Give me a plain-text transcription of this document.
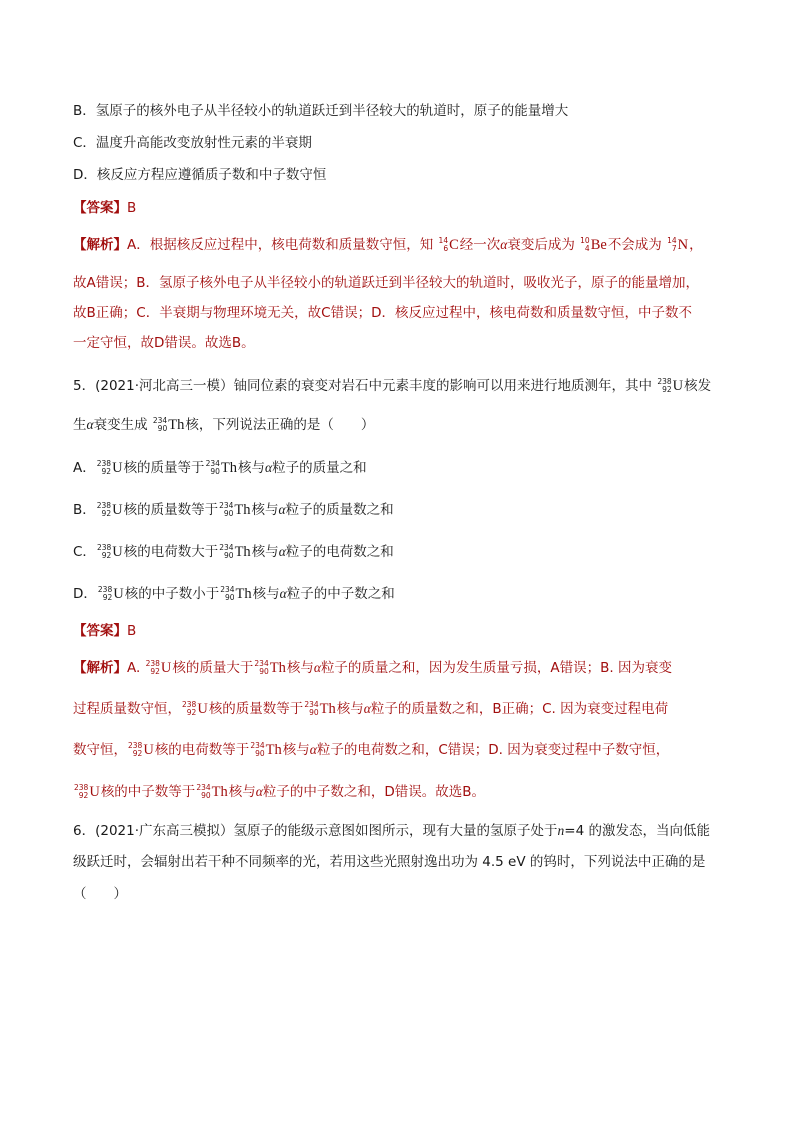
B．氢原子的核外电子从半径较小的轨道跃迁到半径较大的轨道时，原子的能量增大
C．温度升高能改变放射性元素的半衰期
D．核反应方程应遵循质子数和中子数守恒
【答案】B
【解析】A．根据核反应过程中，核电荷数和质量数守恒，知 14
6 C 经一次α衰变后成为 10
4 Be 不会成为 14
7 N ，
故A错误；B．氢原子核外电子从半径较小的轨道跃迁到半径较大的轨道时，吸收光子，原子的能量增加，
故B正确；C．半衰期与物理环境无关，故C错误；D．核反应过程中，核电荷数和质量数守恒，中子数不
一定守恒，故D错误。故选B。
5．(2021·河北高三一模）铀同位素的衰变对岩石中元素丰度的影响可以用来进行地质测年，其中 238
92 U 核发
生α衰变生成 234
90 Th 核，下列说法正确的是（　　）
A． 238
92 U 核的质量等于 234
90 Th 核与α粒子的质量之和
B． 238
92 U 核的质量数等于 234
90 Th 核与α粒子的质量数之和
C． 238
92 U 核的电荷数大于 234
90 Th 核与α粒子的电荷数之和
D． 238
92 U 核的中子数小于 234
90 Th 核与α粒子的中子数之和
【答案】B
【解析】A. 238
92 U 核的质量大于 234
90 Th 核与α粒子的质量之和，因为发生质量亏损，A错误；B. 因为衰变
过程质量数守恒， 238
92 U 核的质量数等于 234
90 Th 核与α粒子的质量数之和，B正确；C. 因为衰变过程电荷
数守恒， 238
92 U 核的电荷数等于 234
90 Th 核与α粒子的电荷数之和，C错误；D. 因为衰变过程中子数守恒，
238
92 U 核的中子数等于 234
90 Th 核与α粒子的中子数之和，D错误。故选B。
6．(2021·广东高三模拟）氢原子的能级示意图如图所示，现有大量的氢原子处于n=4 的激发态，当向低能
级跃迁时，会辐射出若干种不同频率的光，若用这些光照射逸出功为 4.5 eV 的钨时，下列说法中正确的是
（　　）
